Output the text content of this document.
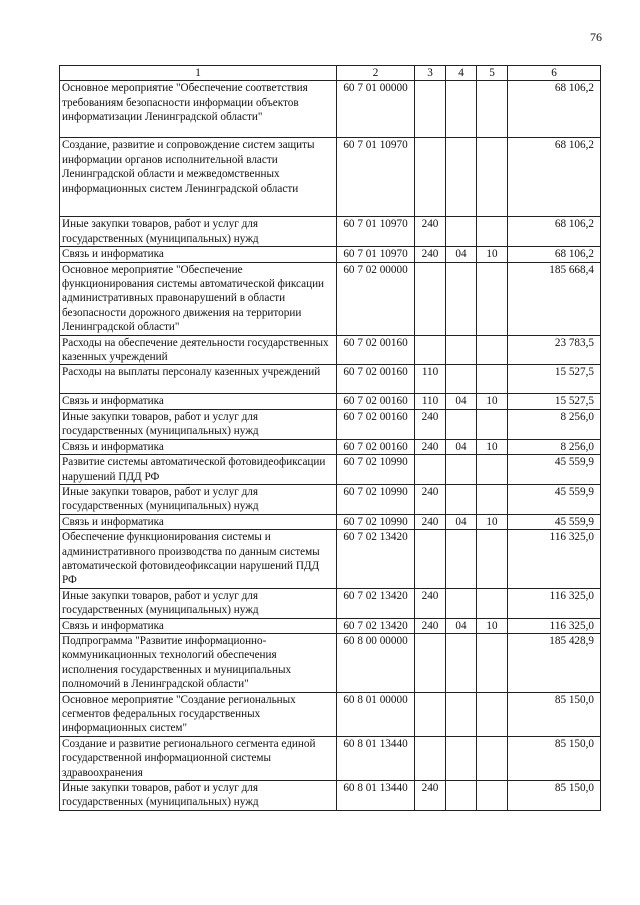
76
1	2	3	4	5	6
Основное мероприятие "Обеспечение соответствия требованиям безопасности информации объектов информатизации Ленинградской области"	60 7 01 00000				68 106,2
Создание, развитие и сопровождение систем защиты информации органов исполнительной власти Ленинградской области и межведомственных информационных систем Ленинградской области	60 7 01 10970				68 106,2
Иные закупки товаров, работ и услуг для государственных (муниципальных) нужд	60 7 01 10970	240			68 106,2
Связь и информатика	60 7 01 10970	240	04	10	68 106,2
Основное мероприятие "Обеспечение функционирования системы автоматической фиксации административных правонарушений в области безопасности дорожного движения на территории Ленинградской области"	60 7 02 00000				185 668,4
Расходы на обеспечение деятельности государственных казенных учреждений	60 7 02 00160				23 783,5
Расходы на выплаты персоналу казенных учреждений	60 7 02 00160	110			15 527,5
Связь и информатика	60 7 02 00160	110	04	10	15 527,5
Иные закупки товаров, работ и услуг для государственных (муниципальных) нужд	60 7 02 00160	240			8 256,0
Связь и информатика	60 7 02 00160	240	04	10	8 256,0
Развитие системы автоматической фотовидеофиксации нарушений ПДД РФ	60 7 02 10990				45 559,9
Иные закупки товаров, работ и услуг для государственных (муниципальных) нужд	60 7 02 10990	240			45 559,9
Связь и информатика	60 7 02 10990	240	04	10	45 559,9
Обеспечение функционирования системы и административного производства по данным системы автоматической фотовидеофиксации нарушений ПДД РФ	60 7 02 13420				116 325,0
Иные закупки товаров, работ и услуг для государственных (муниципальных) нужд	60 7 02 13420	240			116 325,0
Связь и информатика	60 7 02 13420	240	04	10	116 325,0
Подпрограмма "Развитие информационно-коммуникационных технологий обеспечения исполнения государственных и муниципальных полномочий в Ленинградской области"	60 8 00 00000				185 428,9
Основное мероприятие "Создание региональных сегментов федеральных государственных информационных систем"	60 8 01 00000				85 150,0
Создание и развитие регионального сегмента единой государственной информационной системы здравоохранения	60 8 01 13440				85 150,0
Иные закупки товаров, работ и услуг для государственных (муниципальных) нужд	60 8 01 13440	240			85 150,0
